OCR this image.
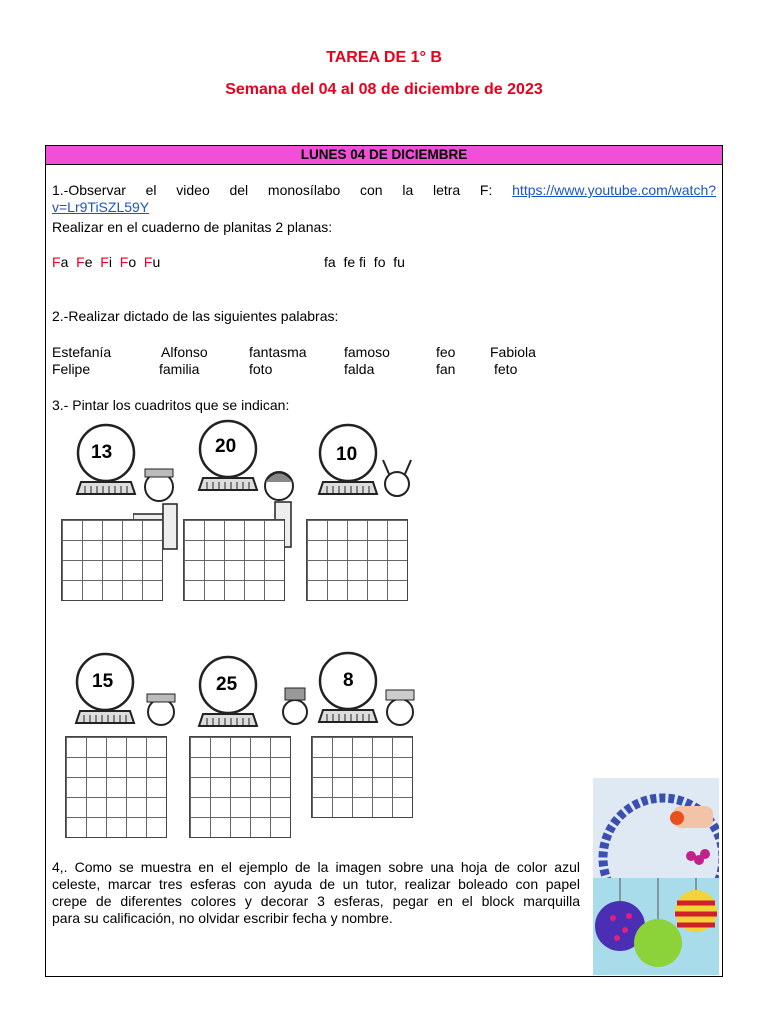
TAREA DE 1° B
Semana del 04 al 08 de diciembre de 2023
LUNES 04 DE DICIEMBRE
1.-Observar el video del monosílabo con la letra F: https://www.youtube.com/watch?
v=Lr9TiSZL59Y
Realizar en el cuaderno de planitas 2 planas:
Fa Fe Fi Fo Fu	fa  fe fi  fo  fu
2.-Realizar dictado de las siguientes palabras:
Estefanía	Alfonso	fantasma	famoso	feo Fabiola
Felipe	familia	foto	falda	fan	feto
3.- Pintar los cuadritos que se indican:
13	20	10
15	25	8
4,. Como se muestra en el ejemplo de la imagen sobre una hoja de color azul
celeste, marcar tres esferas con ayuda de un tutor, realizar boleado con papel
crepe de diferentes colores y decorar 3 esferas, pegar en el block marquilla
para su calificación, no olvidar escribir fecha y nombre.
